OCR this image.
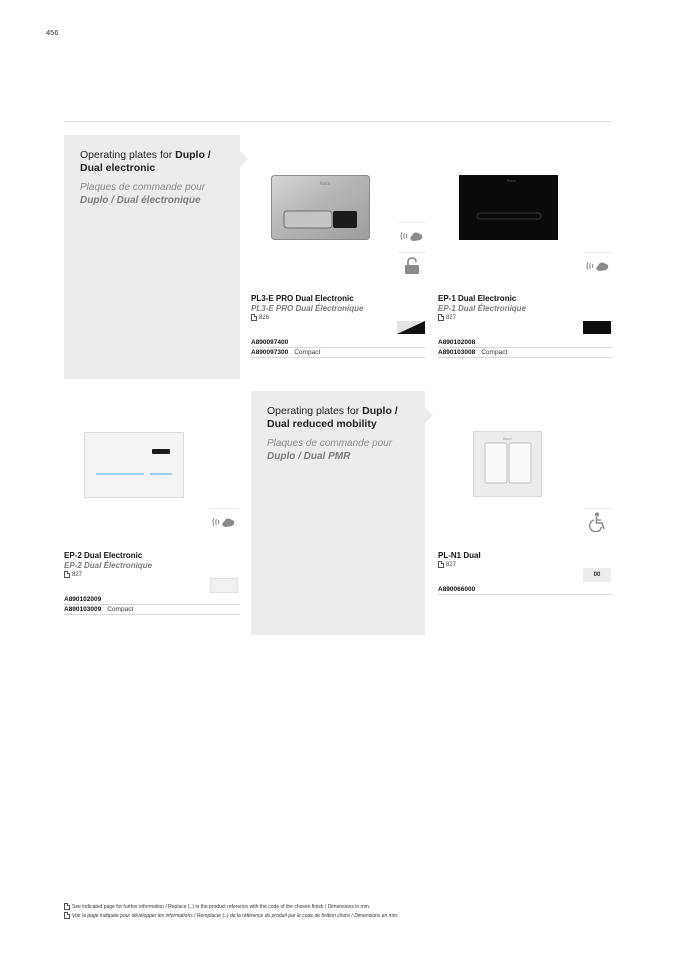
456
Operating plates for Duplo / Dual electronic
Plaques de commande pour
Duplo / Dual électronique
Operating plates for Duplo / Dual reduced mobility
Plaques de commande pour
Duplo / Dual PMR
Roca
PL3-E PRO Dual Electronic
PL3-E PRO Dual Électronique
826
A890097400
A890097300 Compact
Roca
EP-1 Dual Electronic
EP-1 Dual Électronique
827
A890102008
A890103008 Compact
EP-2 Dual Electronic
EP-2 Dual Électronique
827
A890102009
A890103009 Compact
Roca
PL-N1 Dual
827
00
A890066000
See indicated page for further information / Replace (..) in the product reference with the code of the chosen finish / Dimensions in mm.
Voir la page indiquée pour développer les informations / Remplacer (..) de la référence du produit par le code de finition choisi / Dimensions en mm.
